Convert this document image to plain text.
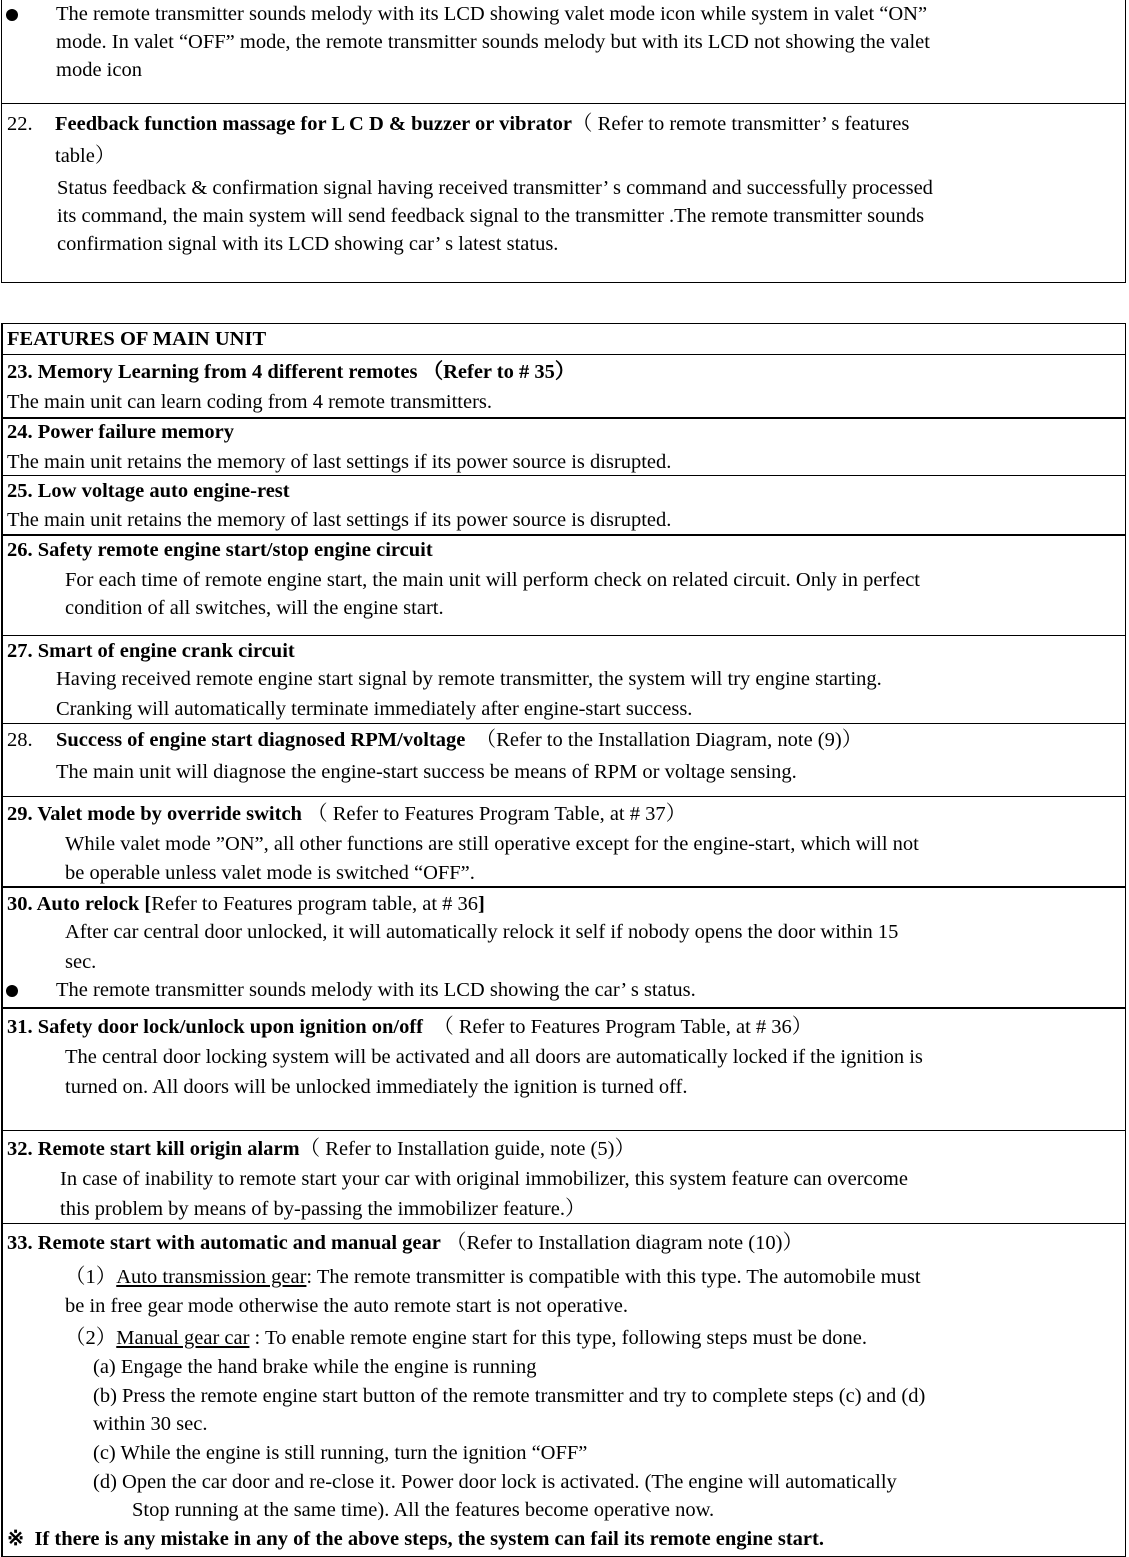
The remote transmitter sounds melody with its LCD showing valet mode icon while system in valet “ON”
mode. In valet “OFF” mode, the remote transmitter sounds melody but with its LCD not showing the valet
mode icon
22. Feedback function massage for L C D & buzzer or vibrator（ Refer to remote transmitter’ s features
table）
Status feedback & confirmation signal having received transmitter’ s command and successfully processed
its command, the main system will send feedback signal to the transmitter .The remote transmitter sounds
confirmation signal with its LCD showing car’ s latest status.
FEATURES OF MAIN UNIT
23. Memory Learning from 4 different remotes （Refer to # 35）
The main unit can learn coding from 4 remote transmitters.
24. Power failure memory
The main unit retains the memory of last settings if its power source is disrupted.
25. Low voltage auto engine-rest
The main unit retains the memory of last settings if its power source is disrupted.
26. Safety remote engine start/stop engine circuit
For each time of remote engine start, the main unit will perform check on related circuit. Only in perfect
condition of all switches, will the engine start.
27. Smart of engine crank circuit
Having received remote engine start signal by remote transmitter, the system will try engine starting.
Cranking will automatically terminate immediately after engine-start success.
28. Success of engine start diagnosed RPM/voltage （Refer to the Installation Diagram, note (9)）
The main unit will diagnose the engine-start success be means of RPM or voltage sensing.
29. Valet mode by override switch （ Refer to Features Program Table, at # 37）
While valet mode ”ON”, all other functions are still operative except for the engine-start, which will not
be operable unless valet mode is switched “OFF”.
30. Auto relock [Refer to Features program table, at # 36]
After car central door unlocked, it will automatically relock it self if nobody opens the door within 15
sec.
The remote transmitter sounds melody with its LCD showing the car’ s status.
31. Safety door lock/unlock upon ignition on/off （ Refer to Features Program Table, at # 36）
The central door locking system will be activated and all doors are automatically locked if the ignition is
turned on. All doors will be unlocked immediately the ignition is turned off.
32. Remote start kill origin alarm（ Refer to Installation guide, note (5)）
In case of inability to remote start your car with original immobilizer, this system feature can overcome
this problem by means of by-passing the immobilizer feature.）
33. Remote start with automatic and manual gear （Refer to Installation diagram note (10)）
（1）Auto transmission gear: The remote transmitter is compatible with this type. The automobile must
be in free gear mode otherwise the auto remote start is not operative.
（2）Manual gear car : To enable remote engine start for this type, following steps must be done.
(a) Engage the hand brake while the engine is running
(b) Press the remote engine start button of the remote transmitter and try to complete steps (c) and (d)
within 30 sec.
(c) While the engine is still running, turn the ignition “OFF”
(d) Open the car door and re-close it. Power door lock is activated. (The engine will automatically
Stop running at the same time). All the features become operative now.
※ If there is any mistake in any of the above steps, the system can fail its remote engine start.
